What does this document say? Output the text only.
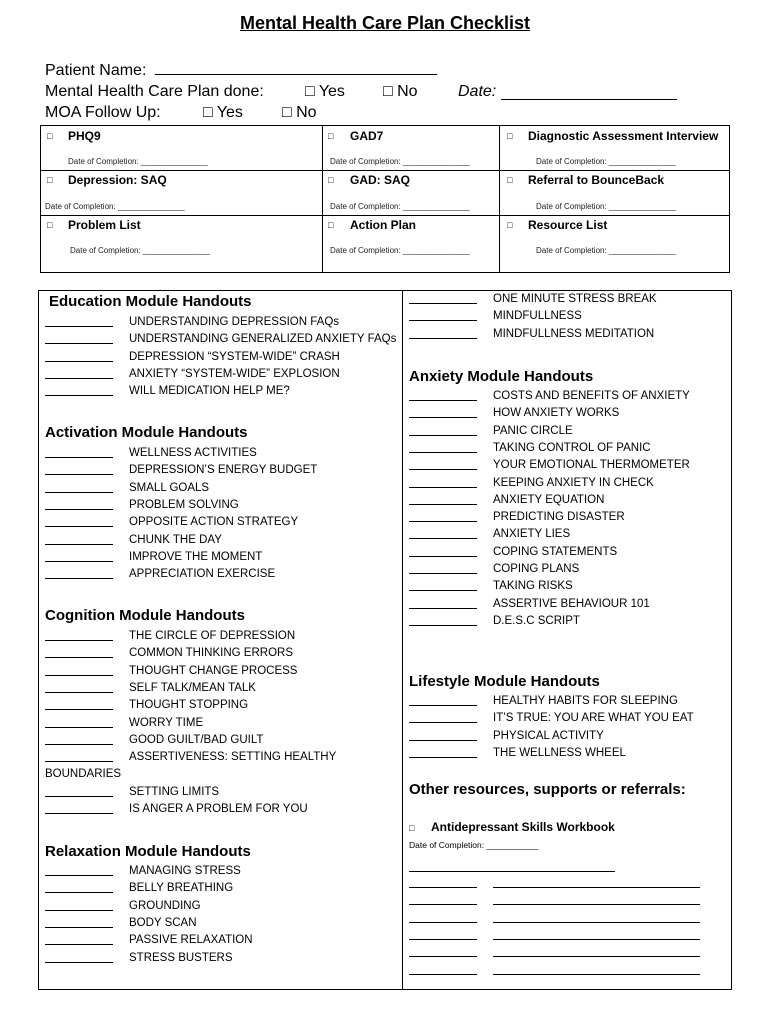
Mental Health Care Plan Checklist
Patient Name:
Mental Health Care Plan done:	□ Yes □ No	Date:
MOA Follow Up:	□ Yes □ No
□ PHQ9
Date of Completion: _______________
□ GAD7
Date of Completion: _______________
□ Diagnostic Assessment Interview
Date of Completion: _______________
□ Depression: SAQ
Date of Completion: _______________
□ GAD: SAQ
Date of Completion: _______________
□ Referral to BounceBack
Date of Completion: _______________
□ Problem List
Date of Completion: _______________
□ Action Plan
Date of Completion: _______________
□ Resource List
Date of Completion: _______________
Education Module Handouts
UNDERSTANDING DEPRESSION FAQs
UNDERSTANDING GENERALIZED ANXIETY FAQs
DEPRESSION “SYSTEM-WIDE” CRASH
ANXIETY “SYSTEM-WIDE” EXPLOSION
WILL MEDICATION HELP ME?
Activation Module Handouts
WELLNESS ACTIVITIES
DEPRESSION’S ENERGY BUDGET
SMALL GOALS
PROBLEM SOLVING
OPPOSITE ACTION STRATEGY
CHUNK THE DAY
IMPROVE THE MOMENT
APPRECIATION EXERCISE
Cognition Module Handouts
THE CIRCLE OF DEPRESSION
COMMON THINKING ERRORS
THOUGHT CHANGE PROCESS
SELF TALK/MEAN TALK
THOUGHT STOPPING
WORRY TIME
GOOD GUILT/BAD GUILT
ASSERTIVENESS: SETTING HEALTHY
BOUNDARIES
SETTING LIMITS
IS ANGER A PROBLEM FOR YOU
Relaxation Module Handouts
MANAGING STRESS
BELLY BREATHING
GROUNDING
BODY SCAN
PASSIVE RELAXATION
STRESS BUSTERS
ONE MINUTE STRESS BREAK
MINDFULLNESS
MINDFULLNESS MEDITATION
Anxiety Module Handouts
COSTS AND BENEFITS OF ANXIETY
HOW ANXIETY WORKS
PANIC CIRCLE
TAKING CONTROL OF PANIC
YOUR EMOTIONAL THERMOMETER
KEEPING ANXIETY IN CHECK
ANXIETY EQUATION
PREDICTING DISASTER
ANXIETY LIES
COPING STATEMENTS
COPING PLANS
TAKING RISKS
ASSERTIVE BEHAVIOUR 101
D.E.S.C SCRIPT
Lifestyle Module Handouts
HEALTHY HABITS FOR SLEEPING
IT’S TRUE: YOU ARE WHAT YOU EAT
PHYSICAL ACTIVITY
THE WELLNESS WHEEL
Other resources, supports or referrals:
□ Antidepressant Skills Workbook
Date of Completion: ___________
